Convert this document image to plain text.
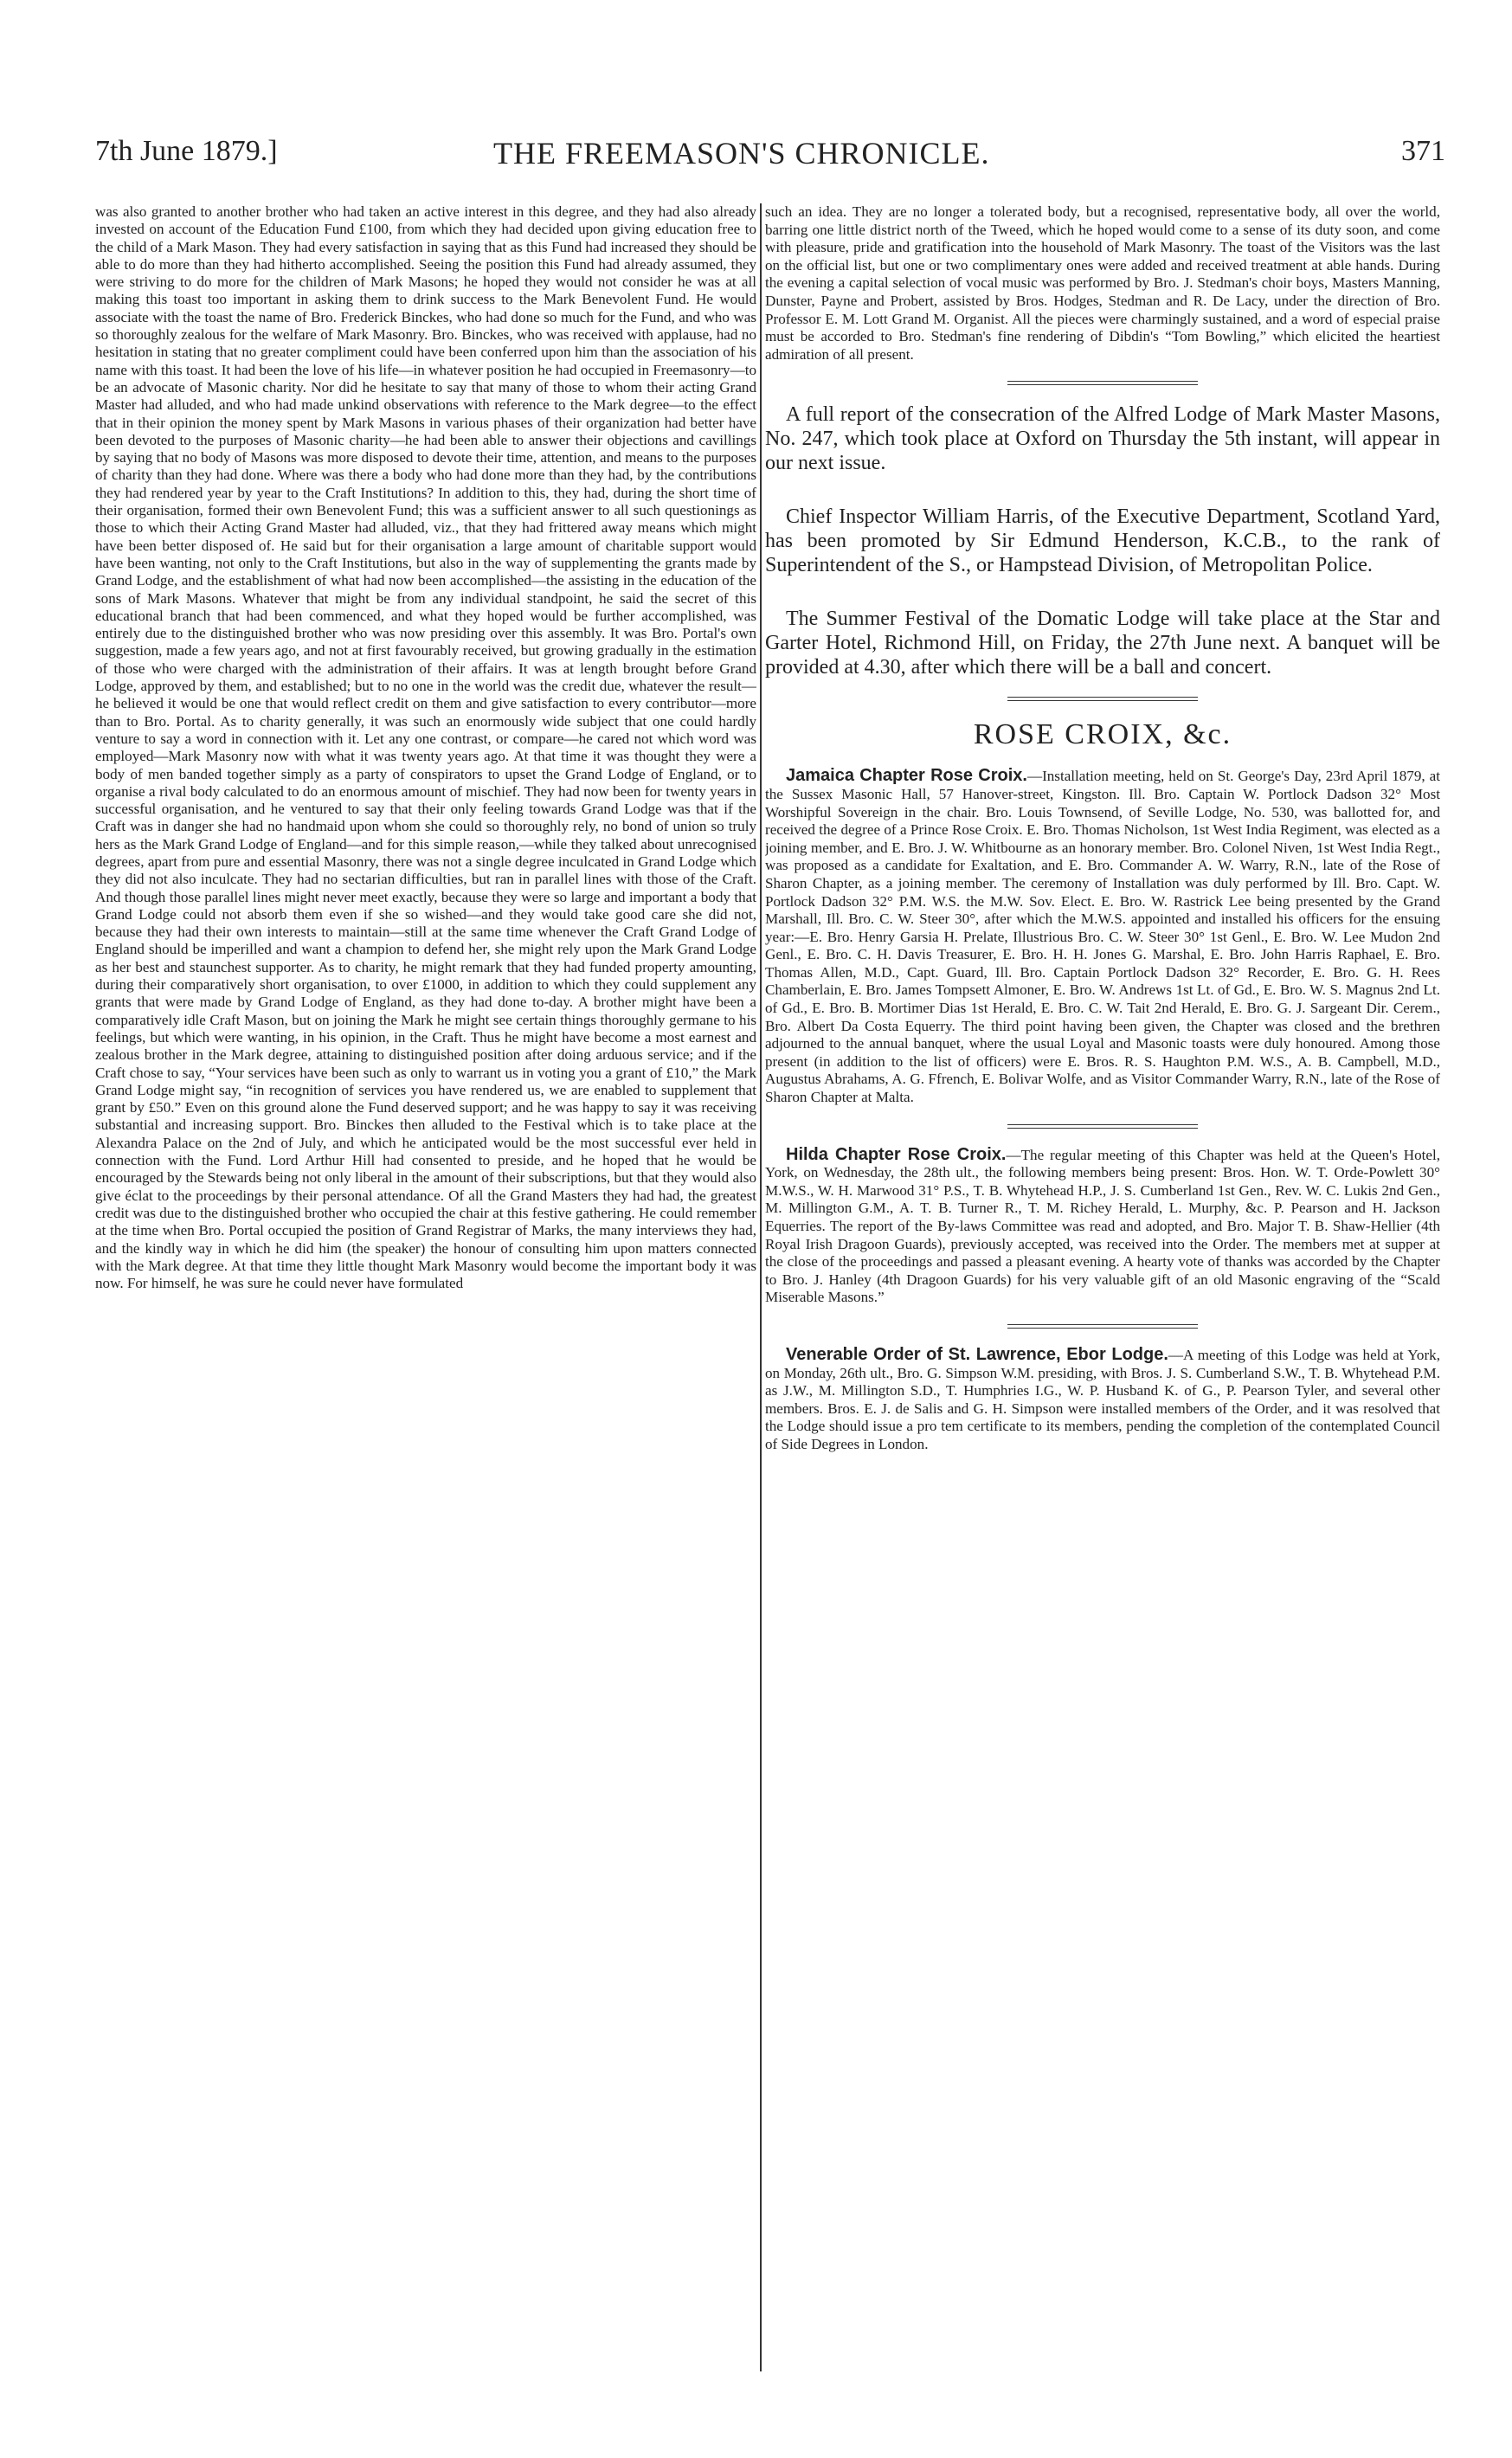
7th June 1879.]	THE FREEMASON'S CHRONICLE.	371

was also granted to another brother who had taken an active interest in this degree, and they had also already invested on account of the Education Fund £100, from which they had decided upon giving education free to the child of a Mark Mason. They had every satisfaction in saying that as this Fund had increased they should be able to do more than they had hitherto accomplished. Seeing the position this Fund had already assumed, they were striving to do more for the children of Mark Masons; he hoped they would not consider he was at all making this toast too important in asking them to drink success to the Mark Benevolent Fund. He would associate with the toast the name of Bro. Frederick Binckes, who had done so much for the Fund, and who was so thoroughly zealous for the welfare of Mark Masonry. Bro. Binckes, who was received with applause, had no hesitation in stating that no greater compliment could have been conferred upon him than the association of his name with this toast. It had been the love of his life—in whatever position he had occupied in Freemasonry—to be an advocate of Masonic charity. Nor did he hesitate to say that many of those to whom their acting Grand Master had alluded, and who had made unkind observations with reference to the Mark degree—to the effect that in their opinion the money spent by Mark Masons in various phases of their organization had better have been devoted to the purposes of Masonic charity—he had been able to answer their objections and cavillings by saying that no body of Masons was more disposed to devote their time, attention, and means to the purposes of charity than they had done. Where was there a body who had done more than they had, by the contributions they had rendered year by year to the Craft Institutions? In addition to this, they had, during the short time of their organisation, formed their own Benevolent Fund; this was a sufficient answer to all such questionings as those to which their Acting Grand Master had alluded, viz., that they had frittered away means which might have been better disposed of. He said but for their organisation a large amount of charitable support would have been wanting, not only to the Craft Institutions, but also in the way of supplementing the grants made by Grand Lodge, and the establishment of what had now been accomplished—the assisting in the education of the sons of Mark Masons. Whatever that might be from any individual standpoint, he said the secret of this educational branch that had been commenced, and what they hoped would be further accomplished, was entirely due to the distinguished brother who was now presiding over this assembly. It was Bro. Portal's own suggestion, made a few years ago, and not at first favourably received, but growing gradually in the estimation of those who were charged with the administration of their affairs. It was at length brought before Grand Lodge, approved by them, and established; but to no one in the world was the credit due, whatever the result—he believed it would be one that would reflect credit on them and give satisfaction to every contributor—more than to Bro. Portal. As to charity generally, it was such an enormously wide subject that one could hardly venture to say a word in connection with it. Let any one contrast, or compare—he cared not which word was employed—Mark Masonry now with what it was twenty years ago. At that time it was thought they were a body of men banded together simply as a party of conspirators to upset the Grand Lodge of England, or to organise a rival body calculated to do an enormous amount of mischief. They had now been for twenty years in successful organisation, and he ventured to say that their only feeling towards Grand Lodge was that if the Craft was in danger she had no handmaid upon whom she could so thoroughly rely, no bond of union so truly hers as the Mark Grand Lodge of England—and for this simple reason,—while they talked about unrecognised degrees, apart from pure and essential Masonry, there was not a single degree inculcated in Grand Lodge which they did not also inculcate. They had no sectarian difficulties, but ran in parallel lines with those of the Craft. And though those parallel lines might never meet exactly, because they were so large and important a body that Grand Lodge could not absorb them even if she so wished—and they would take good care she did not, because they had their own interests to maintain—still at the same time whenever the Craft Grand Lodge of England should be imperilled and want a champion to defend her, she might rely upon the Mark Grand Lodge as her best and staunchest supporter. As to charity, he might remark that they had funded property amounting, during their comparatively short organisation, to over £1000, in addition to which they could supplement any grants that were made by Grand Lodge of England, as they had done to-day. A brother might have been a comparatively idle Craft Mason, but on joining the Mark he might see certain things thoroughly germane to his feelings, but which were wanting, in his opinion, in the Craft. Thus he might have become a most earnest and zealous brother in the Mark degree, attaining to distinguished position after doing arduous service; and if the Craft chose to say, “Your services have been such as only to warrant us in voting you a grant of £10,” the Mark Grand Lodge might say, “in recognition of services you have rendered us, we are enabled to supplement that grant by £50.” Even on this ground alone the Fund deserved support; and he was happy to say it was receiving substantial and increasing support. Bro. Binckes then alluded to the Festival which is to take place at the Alexandra Palace on the 2nd of July, and which he anticipated would be the most successful ever held in connection with the Fund. Lord Arthur Hill had consented to preside, and he hoped that he would be encouraged by the Stewards being not only liberal in the amount of their subscriptions, but that they would also give éclat to the proceedings by their personal attendance. Of all the Grand Masters they had had, the greatest credit was due to the distinguished brother who occupied the chair at this festive gathering. He could remember at the time when Bro. Portal occupied the position of Grand Registrar of Marks, the many interviews they had, and the kindly way in which he did him (the speaker) the honour of consulting him upon matters connected with the Mark degree. At that time they little thought Mark Masonry would become the important body it was now. For himself, he was sure he could never have formulated

such an idea. They are no longer a tolerated body, but a recognised, representative body, all over the world, barring one little district north of the Tweed, which he hoped would come to a sense of its duty soon, and come with pleasure, pride and gratification into the household of Mark Masonry. The toast of the Visitors was the last on the official list, but one or two complimentary ones were added and received treatment at able hands. During the evening a capital selection of vocal music was performed by Bro. J. Stedman's choir boys, Masters Manning, Dunster, Payne and Probert, assisted by Bros. Hodges, Stedman and R. De Lacy, under the direction of Bro. Professor E. M. Lott Grand M. Organist. All the pieces were charmingly sustained, and a word of especial praise must be accorded to Bro. Stedman's fine rendering of Dibdin's “Tom Bowling,” which elicited the heartiest admiration of all present.

A full report of the consecration of the Alfred Lodge of Mark Master Masons, No. 247, which took place at Oxford on Thursday the 5th instant, will appear in our next issue.

Chief Inspector William Harris, of the Executive Department, Scotland Yard, has been promoted by Sir Edmund Henderson, K.C.B., to the rank of Superintendent of the S., or Hampstead Division, of Metropolitan Police.

The Summer Festival of the Domatic Lodge will take place at the Star and Garter Hotel, Richmond Hill, on Friday, the 27th June next. A banquet will be provided at 4.30, after which there will be a ball and concert.

ROSE CROIX, &c.

Jamaica Chapter Rose Croix.—Installation meeting, held on St. George's Day, 23rd April 1879, at the Sussex Masonic Hall, 57 Hanover-street, Kingston. Ill. Bro. Captain W. Portlock Dadson 32° Most Worshipful Sovereign in the chair. Bro. Louis Townsend, of Seville Lodge, No. 530, was ballotted for, and received the degree of a Prince Rose Croix. E. Bro. Thomas Nicholson, 1st West India Regiment, was elected as a joining member, and E. Bro. J. W. Whitbourne as an honorary member. Bro. Colonel Niven, 1st West India Regt., was proposed as a candidate for Exaltation, and E. Bro. Commander A. W. Warry, R.N., late of the Rose of Sharon Chapter, as a joining member. The ceremony of Installation was duly performed by Ill. Bro. Capt. W. Portlock Dadson 32° P.M. W.S. the M.W. Sov. Elect. E. Bro. W. Rastrick Lee being presented by the Grand Marshall, Ill. Bro. C. W. Steer 30°, after which the M.W.S. appointed and installed his officers for the ensuing year:—E. Bro. Henry Garsia H. Prelate, Illustrious Bro. C. W. Steer 30° 1st Genl., E. Bro. W. Lee Mudon 2nd Genl., E. Bro. C. H. Davis Treasurer, E. Bro. H. H. Jones G. Marshal, E. Bro. John Harris Raphael, E. Bro. Thomas Allen, M.D., Capt. Guard, Ill. Bro. Captain Portlock Dadson 32° Recorder, E. Bro. G. H. Rees Chamberlain, E. Bro. James Tompsett Almoner, E. Bro. W. Andrews 1st Lt. of Gd., E. Bro. W. S. Magnus 2nd Lt. of Gd., E. Bro. B. Mortimer Dias 1st Herald, E. Bro. C. W. Tait 2nd Herald, E. Bro. G. J. Sargeant Dir. Cerem., Bro. Albert Da Costa Equerry. The third point having been given, the Chapter was closed and the brethren adjourned to the annual banquet, where the usual Loyal and Masonic toasts were duly honoured. Among those present (in addition to the list of officers) were E. Bros. R. S. Haughton P.M. W.S., A. B. Campbell, M.D., Augustus Abrahams, A. G. Ffrench, E. Bolivar Wolfe, and as Visitor Commander Warry, R.N., late of the Rose of Sharon Chapter at Malta.

Hilda Chapter Rose Croix.—The regular meeting of this Chapter was held at the Queen's Hotel, York, on Wednesday, the 28th ult., the following members being present: Bros. Hon. W. T. Orde-Powlett 30° M.W.S., W. H. Marwood 31° P.S., T. B. Whytehead H.P., J. S. Cumberland 1st Gen., Rev. W. C. Lukis 2nd Gen., M. Millington G.M., A. T. B. Turner R., T. M. Richey Herald, L. Murphy, &c. P. Pearson and H. Jackson Equerries. The report of the By-laws Committee was read and adopted, and Bro. Major T. B. Shaw-Hellier (4th Royal Irish Dragoon Guards), previously accepted, was received into the Order. The members met at supper at the close of the proceedings and passed a pleasant evening. A hearty vote of thanks was accorded by the Chapter to Bro. J. Hanley (4th Dragoon Guards) for his very valuable gift of an old Masonic engraving of the “Scald Miserable Masons.”

Venerable Order of St. Lawrence, Ebor Lodge.—A meeting of this Lodge was held at York, on Monday, 26th ult., Bro. G. Simpson W.M. presiding, with Bros. J. S. Cumberland S.W., T. B. Whytehead P.M. as J.W., M. Millington S.D., T. Humphries I.G., W. P. Husband K. of G., P. Pearson Tyler, and several other members. Bros. E. J. de Salis and G. H. Simpson were installed members of the Order, and it was resolved that the Lodge should issue a pro tem certificate to its members, pending the completion of the contemplated Council of Side Degrees in London.
